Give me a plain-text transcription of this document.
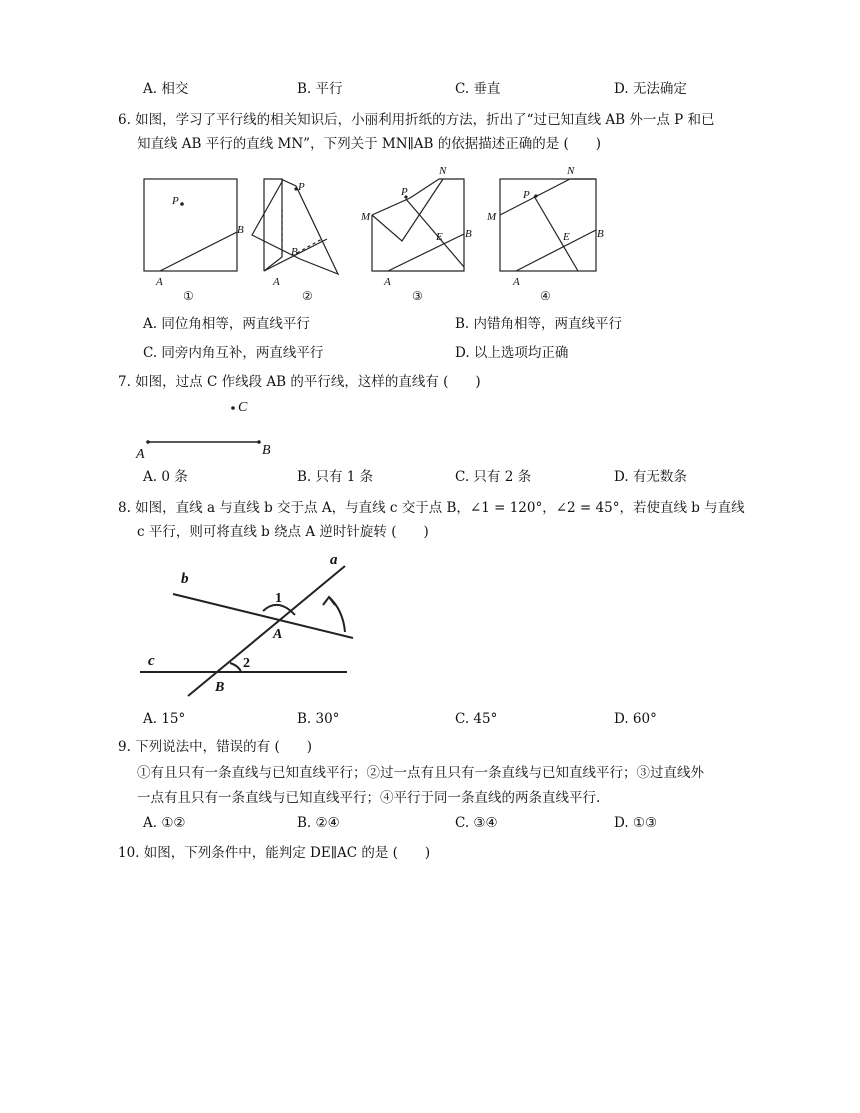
A. 相交	B. 平行	C. 垂直	D. 无法确定
6. 如图，学习了平行线的相关知识后，小丽利用折纸的方法，折出了“过已知直线 AB 外一点 P 和已
知直线 AB 平行的直线 MN”，下列关于 MN∥AB 的依据描述正确的是 (　　)
P
B
A
P
B
A
M
P
N
E B
A
M
P
N
E B
A
①	②	③	④
A. 同位角相等，两直线平行	B. 内错角相等，两直线平行
C. 同旁内角互补，两直线平行	D. 以上选项均正确
7. 如图，过点 C 作线段 AB 的平行线，这样的直线有 (　　)
C
A	B
A. 0 条	B. 只有 1 条	C. 只有 2 条	D. 有无数条
8. 如图，直线 a 与直线 b 交于点 A，与直线 c 交于点 B，∠1 = 120°，∠2 = 45°，若使直线 b 与直线
c 平行，则可将直线 b 绕点 A 逆时针旋转 (　　)
a
b
c
A
B
1
2
A. 15°	B. 30°	C. 45°	D. 60°
9. 下列说法中，错误的有 (　　)
①有且只有一条直线与已知直线平行；②过一点有且只有一条直线与已知直线平行；③过直线外
一点有且只有一条直线与已知直线平行；④平行于同一条直线的两条直线平行.
A. ①②	B. ②④	C. ③④	D. ①③
10. 如图，下列条件中，能判定 DE∥AC 的是 (　　)
